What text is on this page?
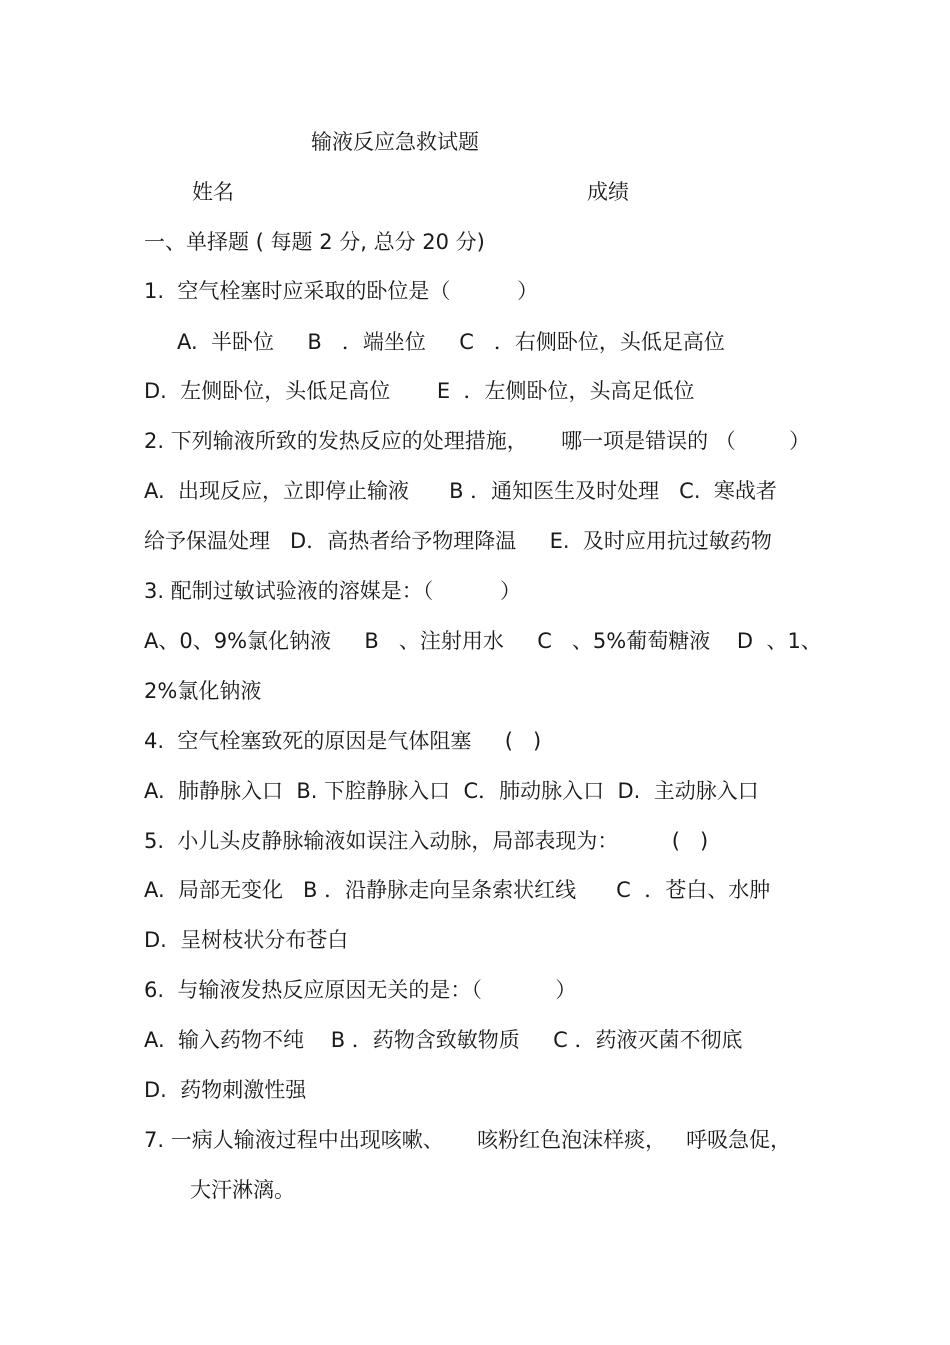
输液反应急救试题
姓名	成绩
一、单择题 ( 每题 2 分, 总分 20 分)
1.  空气栓塞时应采取的卧位是（          ）
A.  半卧位     B   ．端坐位     C   ．右侧卧位，头低足高位
D.  左侧卧位，头低足高位       E  ．左侧卧位，头高足低位
2. 下列输液所致的发热反应的处理措施，     哪一项是错误的 （        ）
A.  出现反应，立即停止输液      B ．通知医生及时处理   C.  寒战者
给予保温处理   D．高热者给予物理降温     E.  及时应用抗过敏药物
3. 配制过敏试验液的溶媒是：（          ）
A、0、9%氯化钠液     B   、注射用水     C   、5%葡萄糖液    D  、1、
2%氯化钠液
4.  空气栓塞致死的原因是气体阻塞     (   )
A.  肺静脉入口  B. 下腔静脉入口  C．肺动脉入口  D.  主动脉入口
5.  小儿头皮静脉输液如误注入动脉，局部表现为：        (   )
A.  局部无变化   B ．沿静脉走向呈条索状红线      C  ．苍白、水肿
D.  呈树枝状分布苍白
6.  与输液发热反应原因无关的是：（           ）
A.  输入药物不纯    B ．药物含致敏物质     C ．药液灭菌不彻底
D.  药物刺激性强
7. 一病人输液过程中出现咳嗽、     咳粉红色泡沫样痰，   呼吸急促，
大汗淋漓。
